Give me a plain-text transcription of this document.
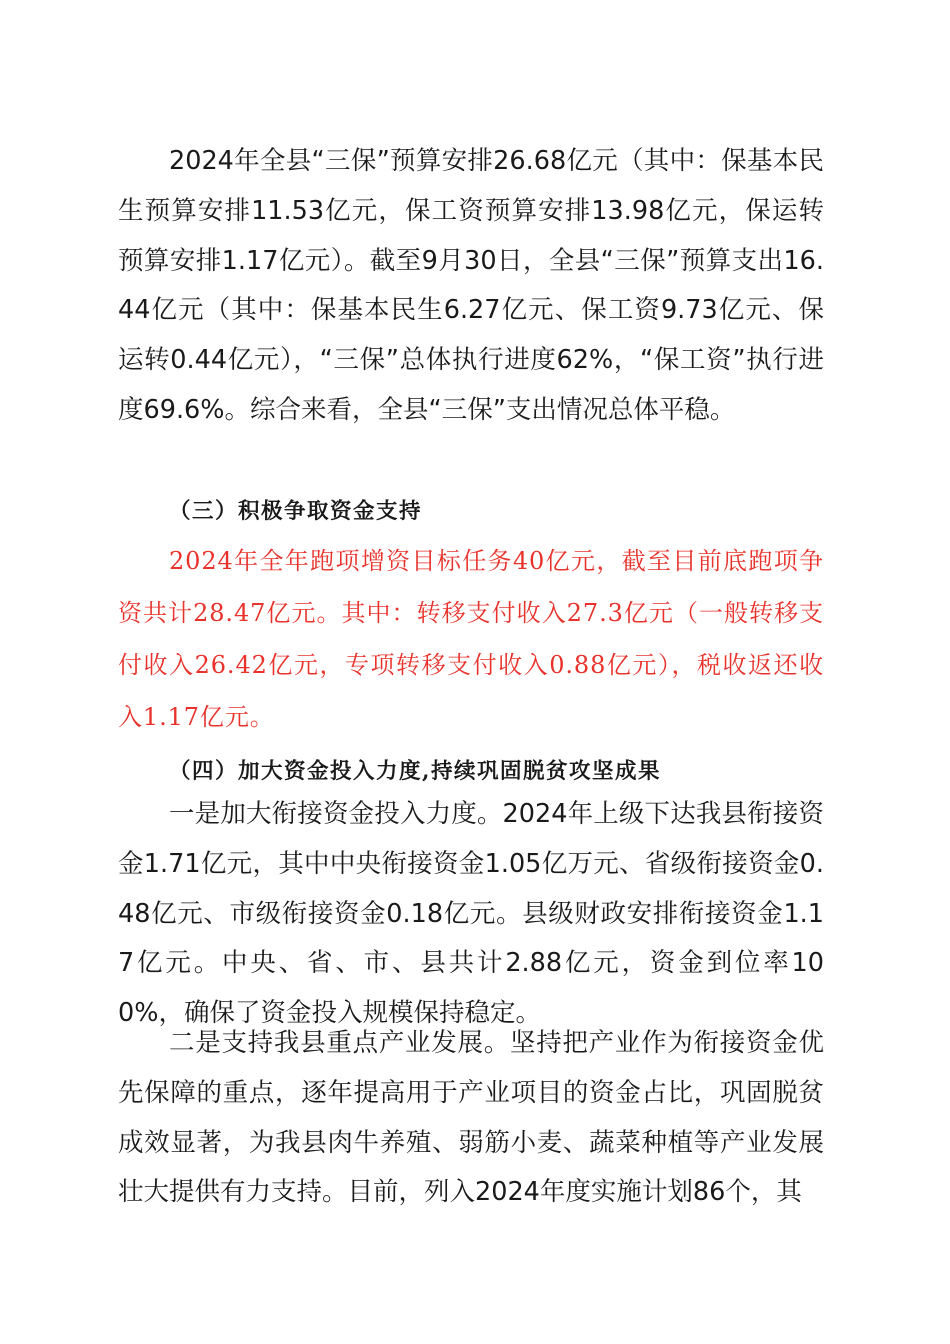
2024年全县“三保”预算安排26.68亿元（其中：保基本民生预算安排11.53亿元，保工资预算安排13.98亿元，保运转预算安排1.17亿元）。截至9月30日，全县“三保”预算支出16.44亿元（其中：保基本民生6.27亿元、保工资9.73亿元、保运转0.44亿元），“三保”总体执行进度62%，“保工资”执行进度69.6%。综合来看，全县“三保”支出情况总体平稳。

（三）积极争取资金支持

2024年全年跑项增资目标任务40亿元，截至目前底跑项争资共计28.47亿元。其中：转移支付收入27.3亿元（一般转移支付收入26.42亿元，专项转移支付收入0.88亿元），税收返还收入1.17亿元。

（四）加大资金投入力度,持续巩固脱贫攻坚成果

一是加大衔接资金投入力度。2024年上级下达我县衔接资金1.71亿元，其中中央衔接资金1.05亿万元、省级衔接资金0.48亿元、市级衔接资金0.18亿元。县级财政安排衔接资金1.17亿元。中央、省、市、县共计2.88亿元，资金到位率100%，确保了资金投入规模保持稳定。

二是支持我县重点产业发展。坚持把产业作为衔接资金优先保障的重点，逐年提高用于产业项目的资金占比，巩固脱贫成效显著，为我县肉牛养殖、弱筋小麦、蔬菜种植等产业发展壮大提供有力支持。目前，列入2024年度实施计划86个，其
